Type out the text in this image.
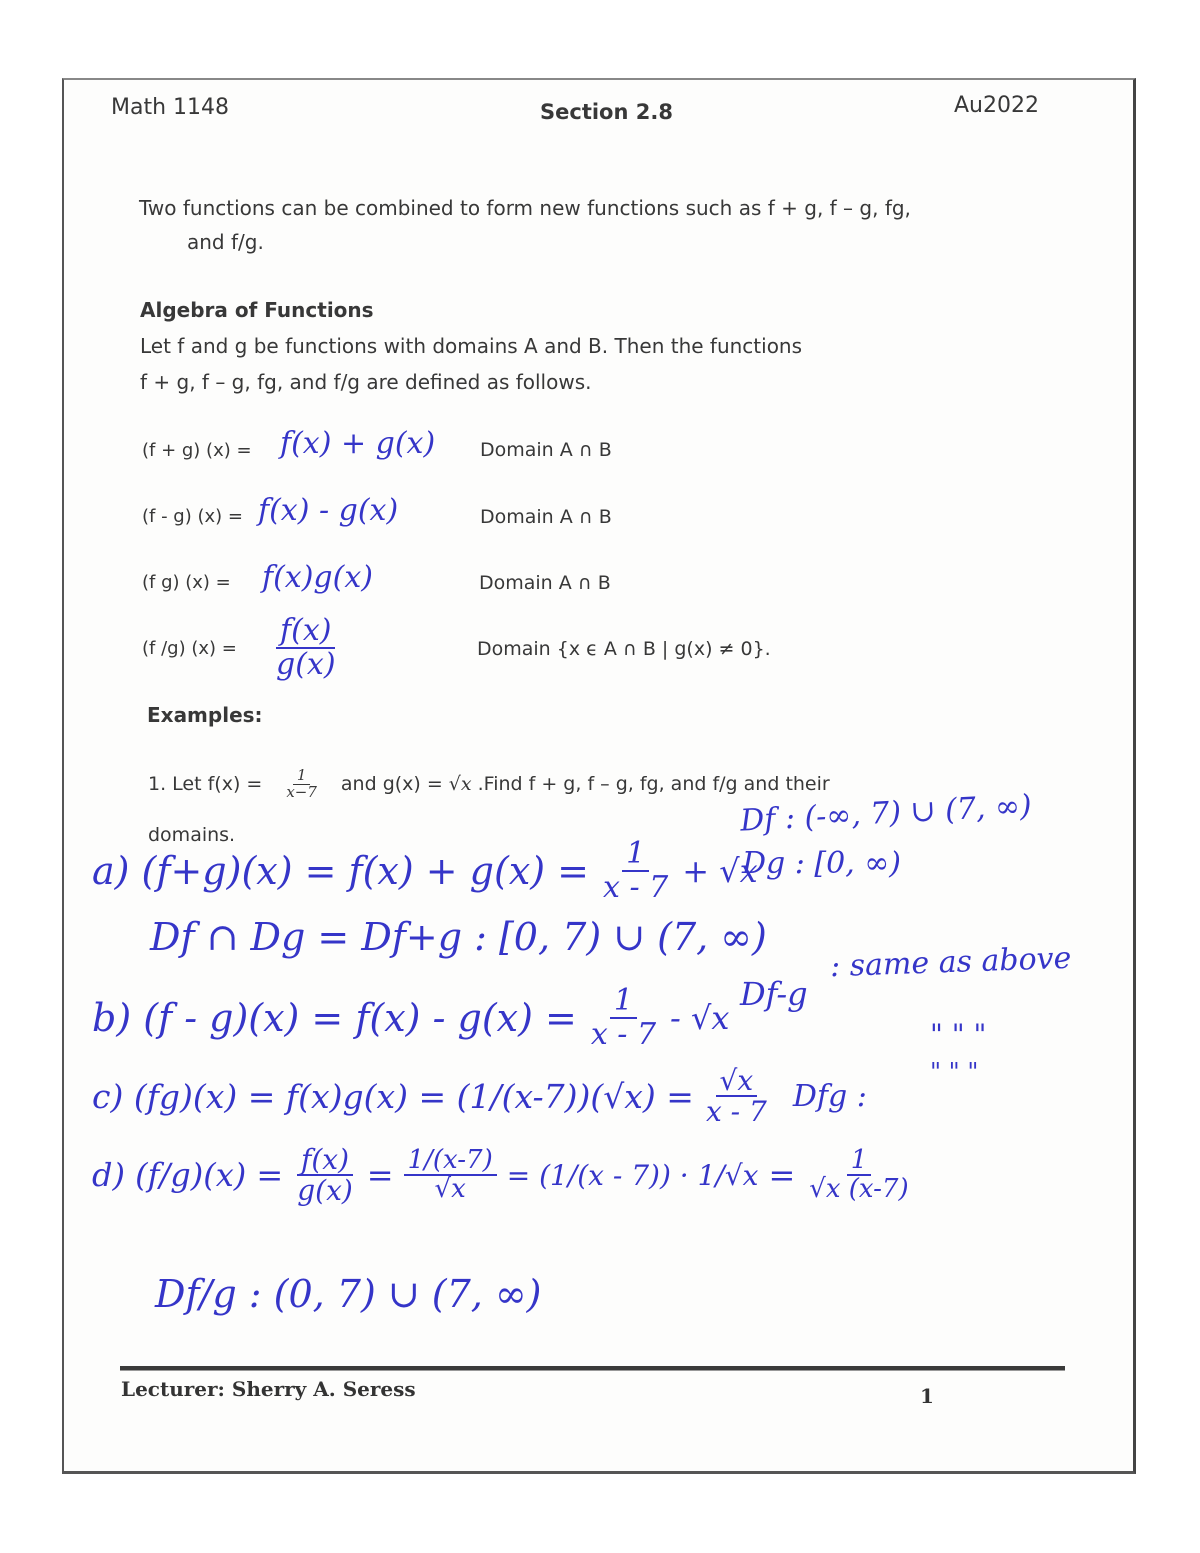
Math 1148	Section 2.8	Au2022
Two functions can be combined to form new functions such as f + g, f – g, fg,
and f/g.
Algebra of Functions
Let f and g be functions with domains A and B. Then the functions
f + g, f – g, fg, and f/g are defined as follows.
(f + g) (x) = f(x) + g(x) Domain A ∩ B
(f - g) (x) = f(x) - g(x)	Domain A ∩ B
(f g) (x) = f(x)g(x)	Domain A ∩ B
(f /g) $(x) = \frac{f(x)}{g(x)}$	Domain {x ϵ A ∩ B | g(x) ≠ 0}.
Examples:
1. Let $f(x) = \frac{1}{x-7}$ and g(x) = √x .Find f + g, f – g, fg, and f/g and their
domains.	Df : (-∞, 7) ∪ (7, ∞)
Dg : [0, ∞)
a) $(f+g)(x) = f(x) + g(x) = \frac{1}{x - 7} + √x$
Df ∩ Dg = Df+g : [0, 7) ∪ (7, ∞)
Df-g
: same as above
" " "
b) $(f - g)(x) = f(x) - g(x) = \frac{1}{x - 7} - √x$
c) $(fg)(x) = f(x)g(x) = (1/(x-7))(√x) = \frac{√x}{x - 7}$ Dfg :
" " "
d) $(f/g)(x) = \frac{f(x)}{g(x)} = \frac{1/(x-7)}{√x} = (1/(x - 7)) \cdot 1/√x = \frac{1}{√x (x-7)}$
Df/g : (0, 7) ∪ (7, ∞)
Lecturer: Sherry A. Seress	1
